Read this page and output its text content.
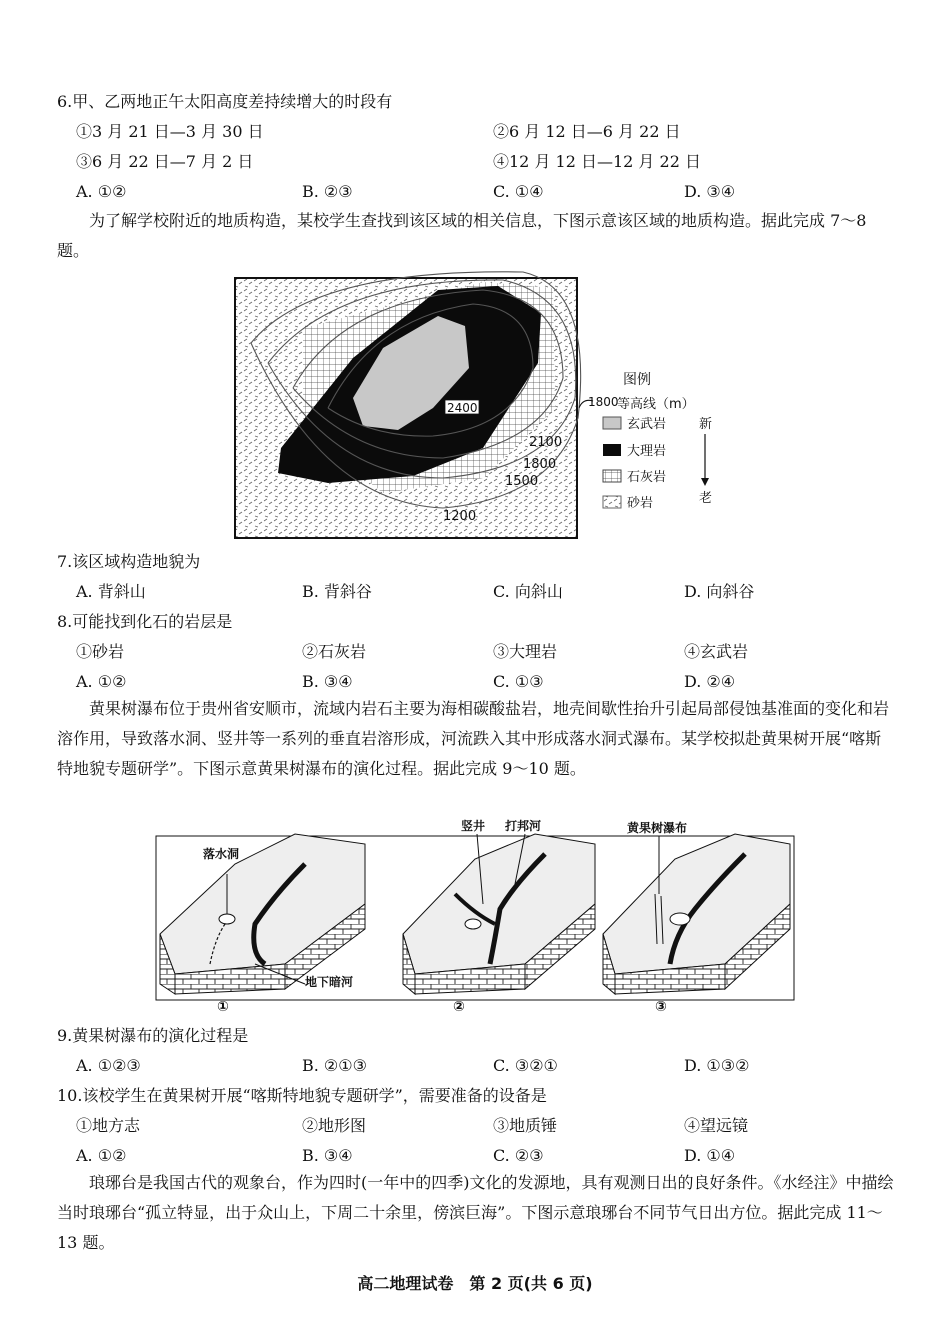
6.甲、乙两地正午太阳高度差持续增大的时段有
①3 月 21 日—3 月 30 日	②6 月 12 日—6 月 22 日
③6 月 22 日—7 月 2 日	④12 月 12 日—12 月 22 日
A. ①②	B. ②③	C. ①④	D. ③④
为了解学校附近的地质构造，某校学生查找到该区域的相关信息，下图示意该区域的地质构造。据此完成 7～8 题。
2400
2100
1800
1500
1200
图例
1800
等高线（m）
玄武岩
大理岩
石灰岩
砂岩
新
老
7.该区域构造地貌为
A. 背斜山	B. 背斜谷	C. 向斜山	D. 向斜谷
8.可能找到化石的岩层是
①砂岩	②石灰岩	③大理岩	④玄武岩
A. ①②	B. ③④	C. ①③	D. ②④
黄果树瀑布位于贵州省安顺市，流域内岩石主要为海相碳酸盐岩，地壳间歇性抬升引起局部侵蚀基准面的变化和岩溶作用，导致落水洞、竖井等一系列的垂直岩溶形成，河流跌入其中形成落水洞式瀑布。某学校拟赴黄果树开展“喀斯特地貌专题研学”。下图示意黄果树瀑布的演化过程。据此完成 9～10 题。
落水洞
地下暗河
①
竖井 打邦河
②
黄果树瀑布
③
9.黄果树瀑布的演化过程是
A. ①②③	B. ②①③	C. ③②①	D. ①③②
10.该校学生在黄果树开展“喀斯特地貌专题研学”，需要准备的设备是
①地方志	②地形图	③地质锤	④望远镜
A. ①②	B. ③④	C. ②③	D. ①④
琅琊台是我国古代的观象台，作为四时(一年中的四季)文化的发源地，具有观测日出的良好条件。《水经注》中描绘当时琅琊台“孤立特显，出于众山上，下周二十余里，傍滨巨海”。下图示意琅琊台不同节气日出方位。据此完成 11～13 题。
高二地理试卷　第 2 页(共 6 页)
